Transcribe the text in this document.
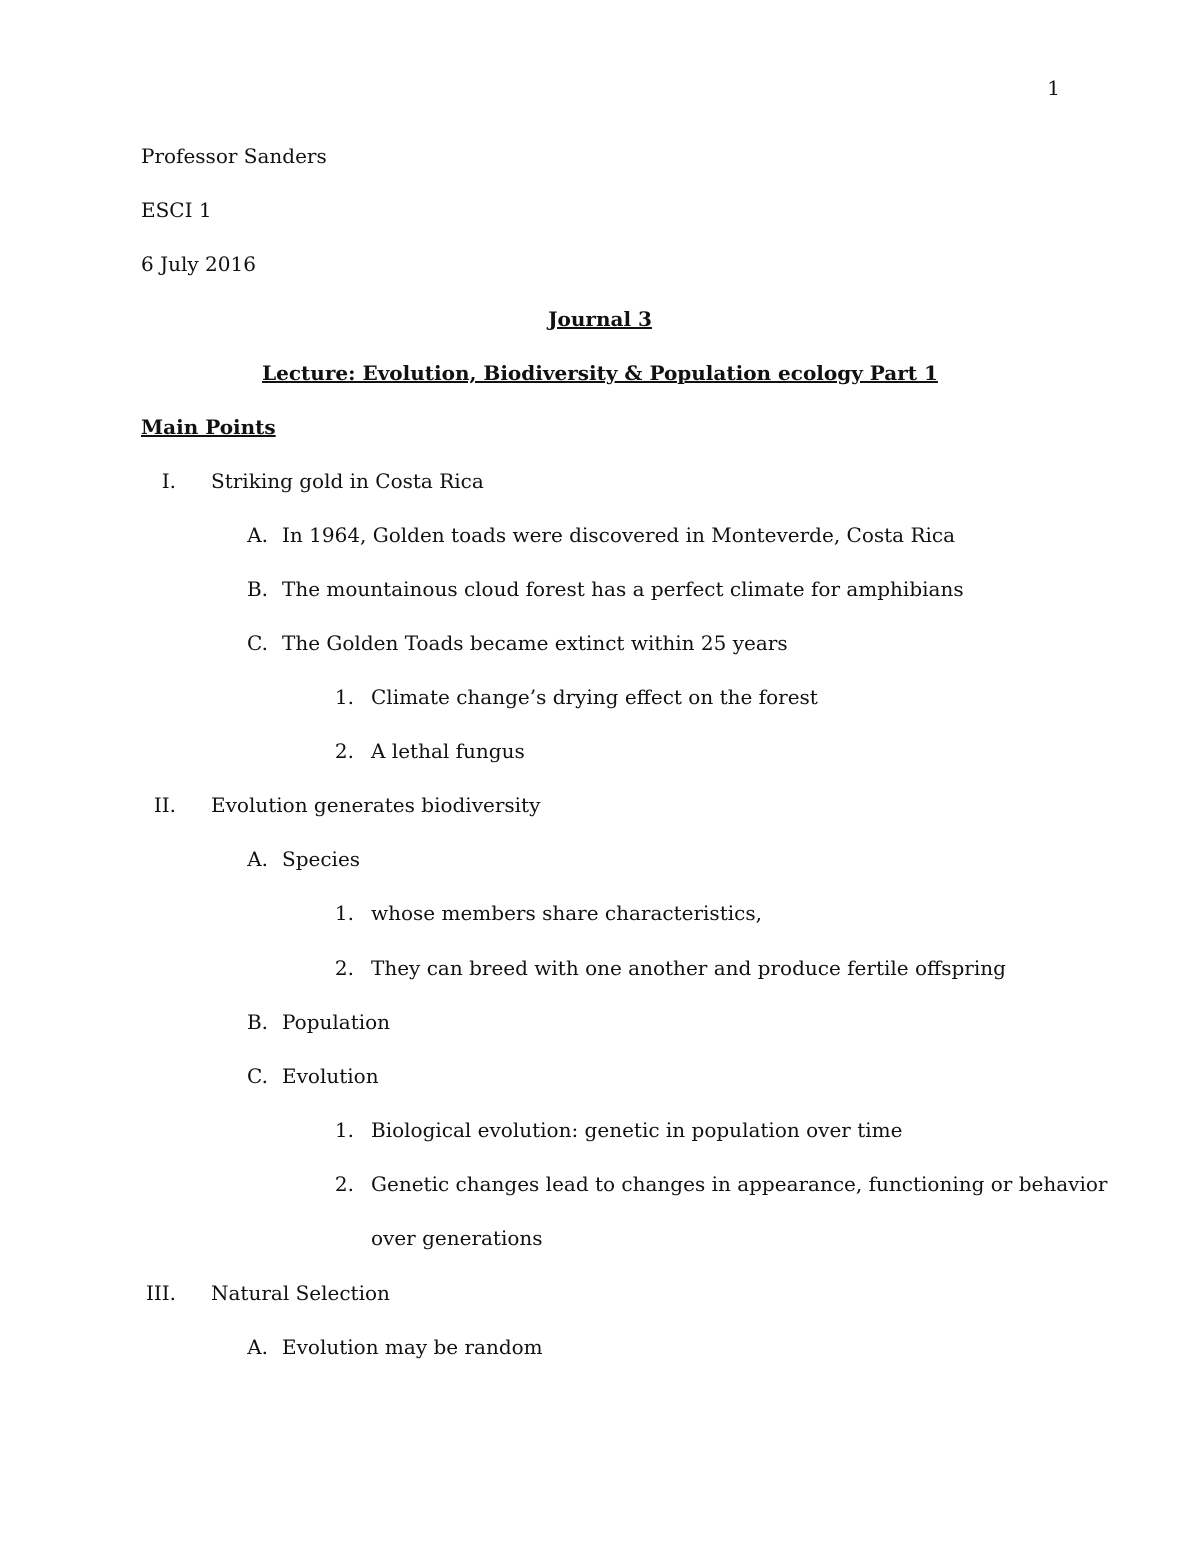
1
Professor Sanders
ESCI 1
6 July 2016
Journal 3
Lecture: Evolution, Biodiversity & Population ecology Part 1
Main Points
I. Striking gold in Costa Rica
A. In 1964, Golden toads were discovered in Monteverde, Costa Rica
B. The mountainous cloud forest has a perfect climate for amphibians
C. The Golden Toads became extinct within 25 years
1. Climate change’s drying effect on the forest
2. A lethal fungus
II. Evolution generates biodiversity
A. Species
1. whose members share characteristics,
2. They can breed with one another and produce fertile offspring
B. Population
C. Evolution
1. Biological evolution: genetic in population over time
2. Genetic changes lead to changes in appearance, functioning or behavior
over generations
III. Natural Selection
A. Evolution may be random
